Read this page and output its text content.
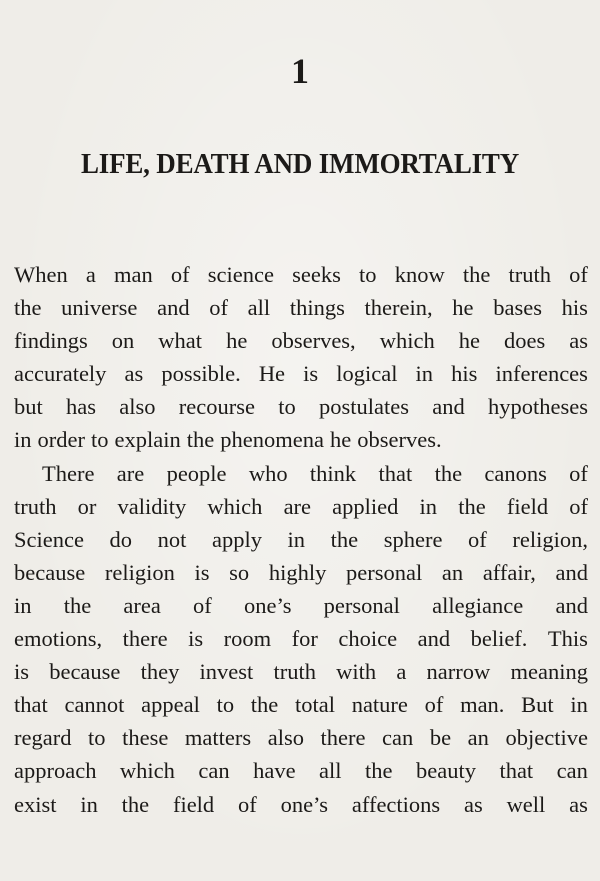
1
LIFE, DEATH AND IMMORTALITY
When a man of science seeks to know the truth of
the universe and of all things therein, he bases his
findings on what he observes, which he does as
accurately as possible. He is logical in his inferences
but has also recourse to postulates and hypotheses
in order to explain the phenomena he observes.
There are people who think that the canons of
truth or validity which are applied in the field of
Science do not apply in the sphere of religion,
because religion is so highly personal an affair, and
in the area of one’s personal allegiance and
emotions, there is room for choice and belief. This
is because they invest truth with a narrow meaning
that cannot appeal to the total nature of man. But in
regard to these matters also there can be an objective
approach which can have all the beauty that can
exist in the field of one’s affections as well as
